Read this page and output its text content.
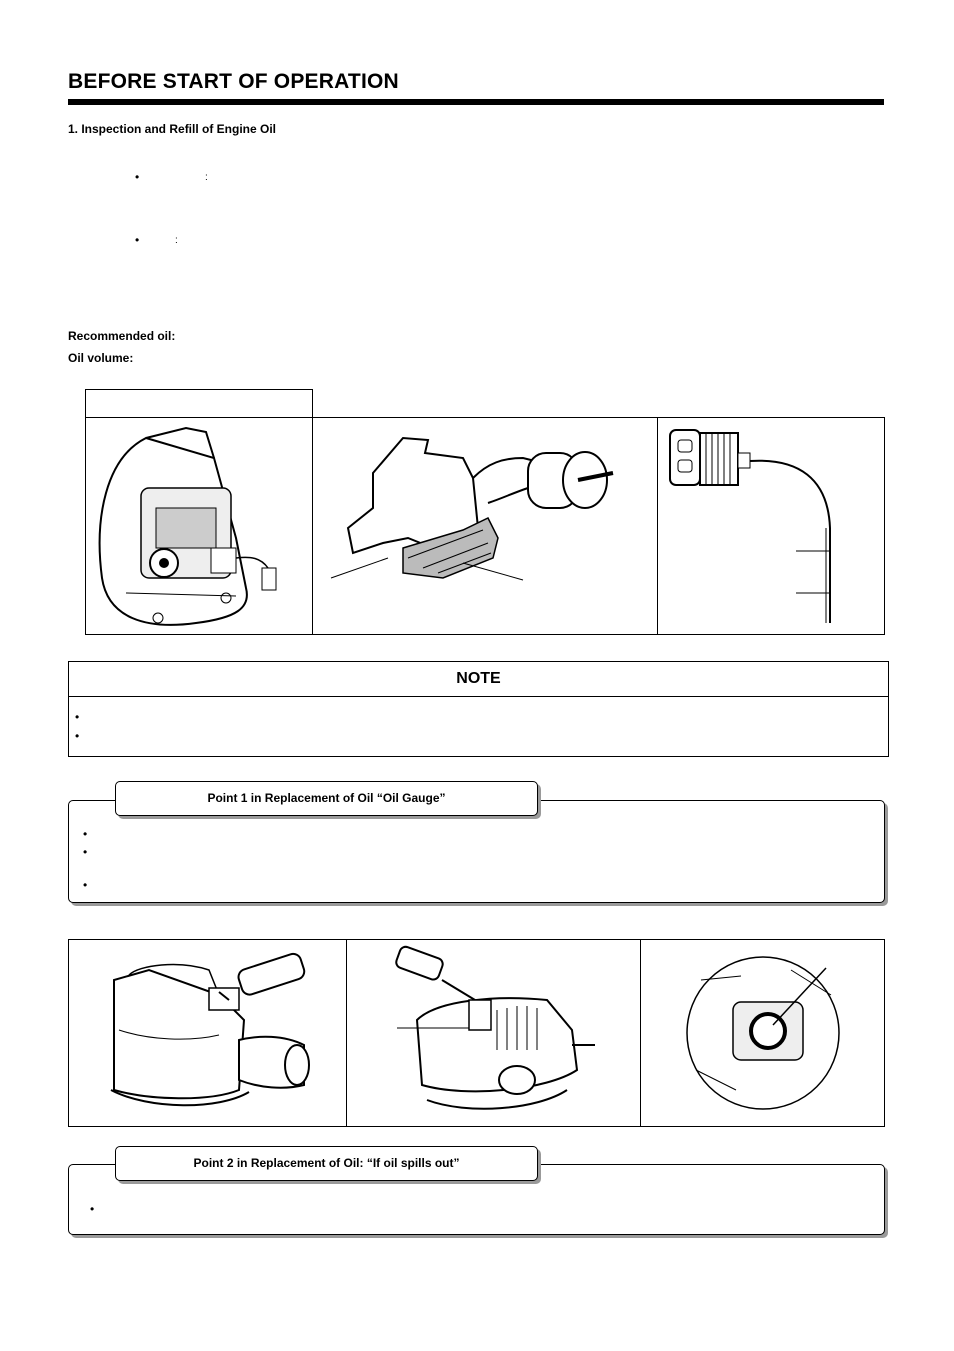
BEFORE START OF OPERATION
1. Inspection and Refill of Engine Oil
•	:
•	:
Recommended oil:
Oil volume:
NOTE
•
•
Point 1 in Replacement of Oil “Oil Gauge”
•
•
•
Point 2 in Replacement of Oil: “If oil spills out”
•
